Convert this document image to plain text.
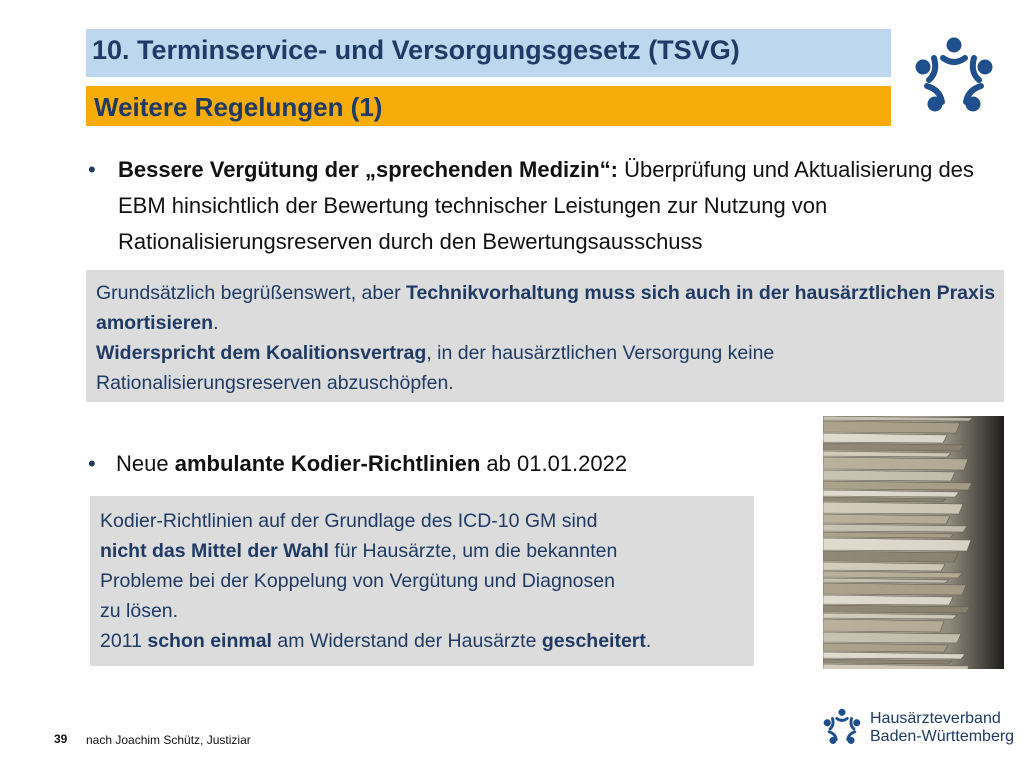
10. Terminservice- und Versorgungsgesetz (TSVG)
Weitere Regelungen (1)
• Bessere Vergütung der „sprechenden Medizin“: Überprüfung und Aktualisierung des EBM hinsichtlich der Bewertung technischer Leistungen zur Nutzung von Rationalisierungsreserven durch den Bewertungsausschuss
Grundsätzlich begrüßenswert, aber Technikvorhaltung muss sich auch in der hausärztlichen Praxis amortisieren.
Widerspricht dem Koalitionsvertrag, in der hausärztlichen Versorgung keine Rationalisierungsreserven abzuschöpfen.
• Neue ambulante Kodier-Richtlinien ab 01.01.2022
Kodier-Richtlinien auf der Grundlage des ICD-10 GM sind
nicht das Mittel der Wahl für Hausärzte, um die bekannten
Probleme bei der Koppelung von Vergütung und Diagnosen
zu lösen.
2011 schon einmal am Widerstand der Hausärzte gescheitert.
39 nach Joachim Schütz, Justiziar
Hausärzteverband
Baden-Württemberg
